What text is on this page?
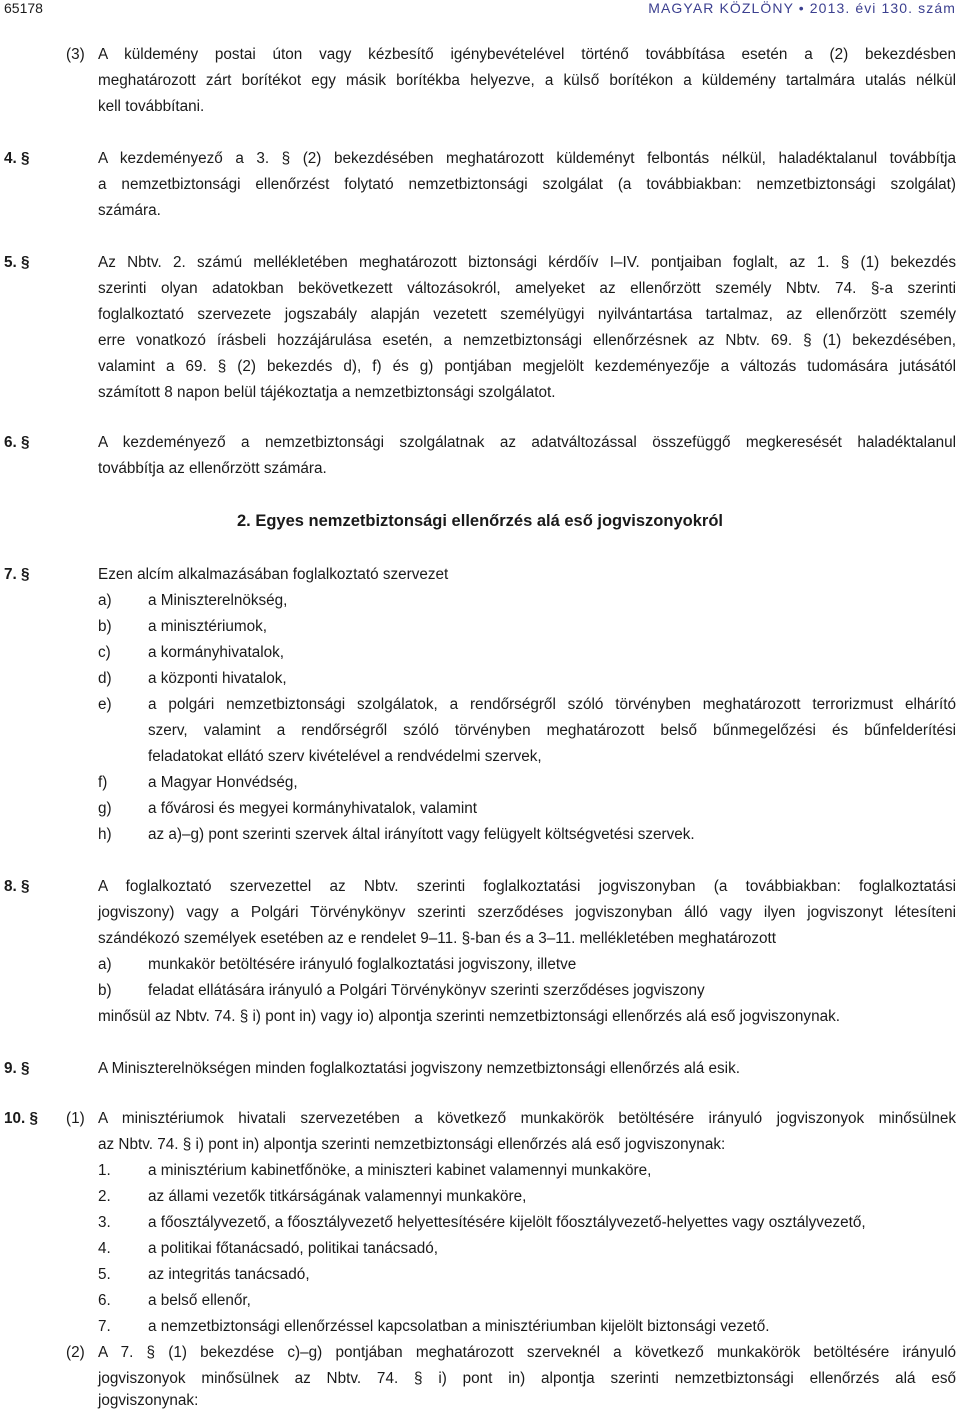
65178	MAGYAR KÖZLÖNY • 2013. évi 130. szám
(3) A küldemény postai úton vagy kézbesítő igénybevételével történő továbbítása esetén a (2) bekezdésben
meghatározott zárt borítékot egy másik borítékba helyezve, a külső borítékon a küldemény tartalmára utalás nélkül
kell továbbítani.
4. §	A kezdeményező a 3. § (2) bekezdésében meghatározott küldeményt felbontás nélkül, haladéktalanul továbbítja
a nemzetbiztonsági ellenőrzést folytató nemzetbiztonsági szolgálat (a továbbiakban: nemzetbiztonsági szolgálat)
számára.
5. §	Az Nbtv. 2. számú mellékletében meghatározott biztonsági kérdőív I–IV. pontjaiban foglalt, az 1. § (1) bekezdés
szerinti olyan adatokban bekövetkezett változásokról, amelyeket az ellenőrzött személy Nbtv. 74. §-a szerinti
foglalkoztató szervezete jogszabály alapján vezetett személyügyi nyilvántartása tartalmaz, az ellenőrzött személy
erre vonatkozó írásbeli hozzájárulása esetén, a nemzetbiztonsági ellenőrzésnek az Nbtv. 69. § (1) bekezdésében,
valamint a 69. § (2) bekezdés d), f) és g) pontjában megjelölt kezdeményezője a változás tudomására jutásától
számított 8 napon belül tájékoztatja a nemzetbiztonsági szolgálatot.
6. §	A kezdeményező a nemzetbiztonsági szolgálatnak az adatváltozással összefüggő megkeresését haladéktalanul
továbbítja az ellenőrzött számára.
2. Egyes nemzetbiztonsági ellenőrzés alá eső jogviszonyokról
7. §	Ezen alcím alkalmazásában foglalkoztató szervezet
a) a Miniszterelnökség,
b) a minisztériumok,
c) a kormányhivatalok,
d) a központi hivatalok,
e) a polgári nemzetbiztonsági szolgálatok, a rendőrségről szóló törvényben meghatározott terrorizmust elhárító
szerv, valamint a rendőrségről szóló törvényben meghatározott belső bűnmegelőzési és bűnfelderítési
feladatokat ellátó szerv kivételével a rendvédelmi szervek,
f)	a Magyar Honvédség,
g) a fővárosi és megyei kormányhivatalok, valamint
h) az a)–g) pont szerinti szervek által irányított vagy felügyelt költségvetési szervek.
8. §	A foglalkoztató szervezettel az Nbtv. szerinti foglalkoztatási jogviszonyban (a továbbiakban: foglalkoztatási
jogviszony) vagy a Polgári Törvénykönyv szerinti szerződéses jogviszonyban álló vagy ilyen jogviszonyt létesíteni
szándékozó személyek esetében az e rendelet 9–11. §-ban és a 3–11. mellékletében meghatározott
a) munkakör betöltésére irányuló foglalkoztatási jogviszony, illetve
b) feladat ellátására irányuló a Polgári Törvénykönyv szerinti szerződéses jogviszony
minősül az Nbtv. 74. § i) pont in) vagy io) alpontja szerinti nemzetbiztonsági ellenőrzés alá eső jogviszonynak.
9. §	A Miniszterelnökségen minden foglalkoztatási jogviszony nemzetbiztonsági ellenőrzés alá esik.
10. § (1) A minisztériumok hivatali szervezetében a következő munkakörök betöltésére irányuló jogviszonyok minősülnek
az Nbtv. 74. § i) pont in) alpontja szerinti nemzetbiztonsági ellenőrzés alá eső jogviszonynak:
1. a minisztérium kabinetfőnöke, a miniszteri kabinet valamennyi munkaköre,
2. az állami vezetők titkárságának valamennyi munkaköre,
3. a főosztályvezető, a főosztályvezető helyettesítésére kijelölt főosztályvezető-helyettes vagy osztályvezető,
4. a politikai főtanácsadó, politikai tanácsadó,
5. az integritás tanácsadó,
6. a belső ellenőr,
7. a nemzetbiztonsági ellenőrzéssel kapcsolatban a minisztériumban kijelölt biztonsági vezető.
(2) A 7. § (1) bekezdése c)–g) pontjában meghatározott szerveknél a következő munkakörök betöltésére irányuló
jogviszonyok minősülnek az Nbtv. 74. § i) pont in) alpontja szerinti nemzetbiztonsági ellenőrzés alá eső
jogviszonynak:
